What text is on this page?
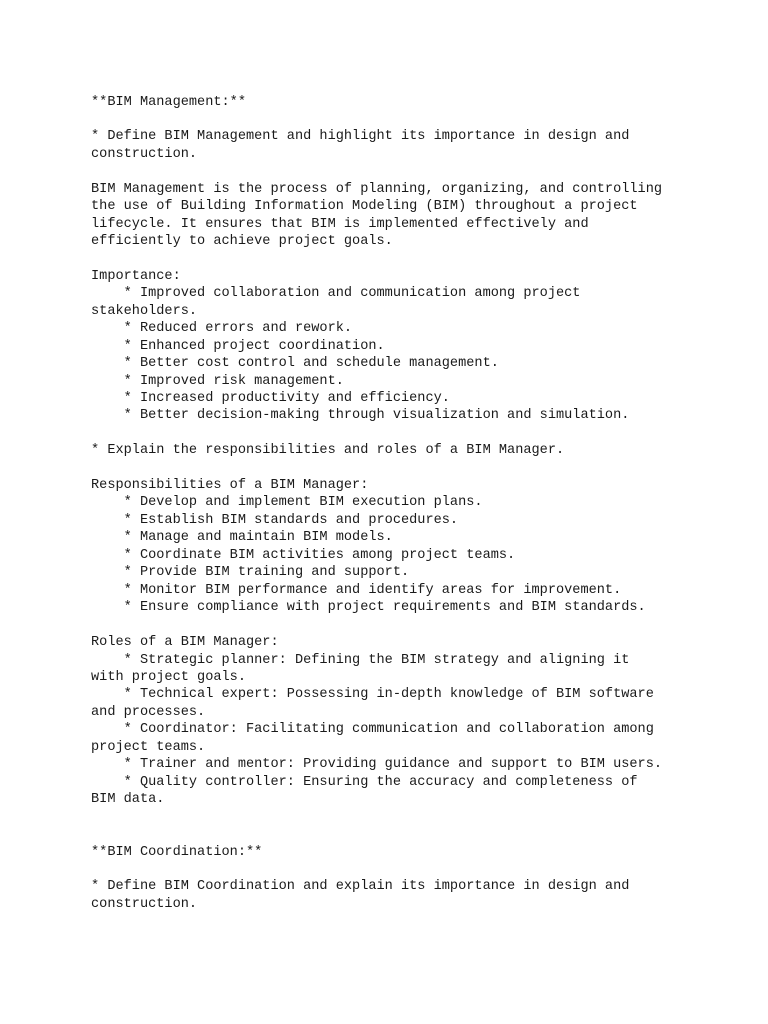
**BIM Management:**
* Define BIM Management and highlight its importance in design and
construction.
BIM Management is the process of planning, organizing, and controlling
the use of Building Information Modeling (BIM) throughout a project
lifecycle. It ensures that BIM is implemented effectively and
efficiently to achieve project goals.
Importance:
* Improved collaboration and communication among project
stakeholders.
* Reduced errors and rework.
* Enhanced project coordination.
* Better cost control and schedule management.
* Improved risk management.
* Increased productivity and efficiency.
* Better decision-making through visualization and simulation.
* Explain the responsibilities and roles of a BIM Manager.
Responsibilities of a BIM Manager:
* Develop and implement BIM execution plans.
* Establish BIM standards and procedures.
* Manage and maintain BIM models.
* Coordinate BIM activities among project teams.
* Provide BIM training and support.
* Monitor BIM performance and identify areas for improvement.
* Ensure compliance with project requirements and BIM standards.
Roles of a BIM Manager:
* Strategic planner: Defining the BIM strategy and aligning it
with project goals.
* Technical expert: Possessing in-depth knowledge of BIM software
and processes.
* Coordinator: Facilitating communication and collaboration among
project teams.
* Trainer and mentor: Providing guidance and support to BIM users.
* Quality controller: Ensuring the accuracy and completeness of
BIM data.
**BIM Coordination:**
* Define BIM Coordination and explain its importance in design and
construction.
